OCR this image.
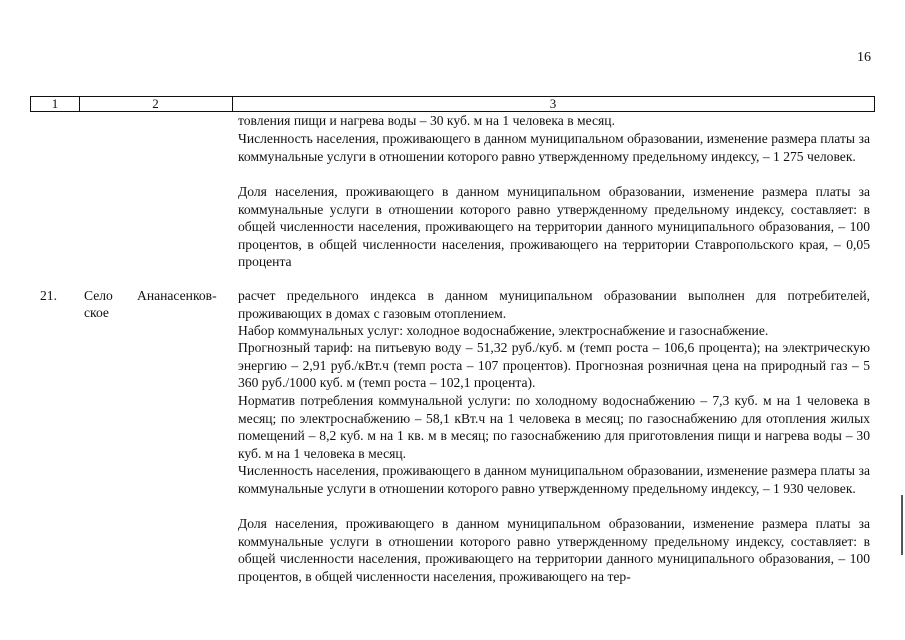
16
1	2	3
товления пищи и нагрева воды – 30 куб. м на 1 человека в месяц.
Численность населения, проживающего в данном муниципальном образовании, изменение размера платы за коммунальные услуги в отношении которого равно утвержденному предельному индексу, – 1 275 человек.
Доля населения, проживающего в данном муниципальном образовании, изменение размера платы за коммунальные услуги в отношении которого равно утвержденному предельному индексу, составляет: в общей численности населения, проживающего на территории данного муниципального образования, – 100 процентов, в общей численности населения, проживающего на территории Ставропольского края, – 0,05 процента
21. Село Ананасенков-
ское
расчет предельного индекса в данном муниципальном образовании выполнен для потребителей, проживающих в домах с газовым отоплением.
Набор коммунальных услуг: холодное водоснабжение, электроснабжение и газоснабжение.
Прогнозный тариф: на питьевую воду – 51,32 руб./куб. м (темп роста – 106,6 процента); на электрическую энергию – 2,91 руб./кВт.ч (темп роста – 107 процентов). Прогнозная розничная цена на природный газ – 5 360 руб./1000 куб. м (темп роста – 102,1 процента).
Норматив потребления коммунальной услуги: по холодному водоснабжению – 7,3 куб. м на 1 человека в месяц; по электроснабжению – 58,1 кВт.ч на 1 человека в месяц; по газоснабжению для отопления жилых помещений – 8,2 куб. м на 1 кв. м в месяц; по газоснабжению для приготовления пищи и нагрева воды – 30 куб. м на 1 человека в месяц.
Численность населения, проживающего в данном муниципальном образовании, изменение размера платы за коммунальные услуги в отношении которого равно утвержденному предельному индексу, – 1 930 человек.
Доля населения, проживающего в данном муниципальном образовании, изменение размера платы за коммунальные услуги в отношении которого равно утвержденному предельному индексу, составляет: в общей численности населения, проживающего на территории данного муниципального образования, – 100 процентов, в общей численности населения, проживающего на тер-
